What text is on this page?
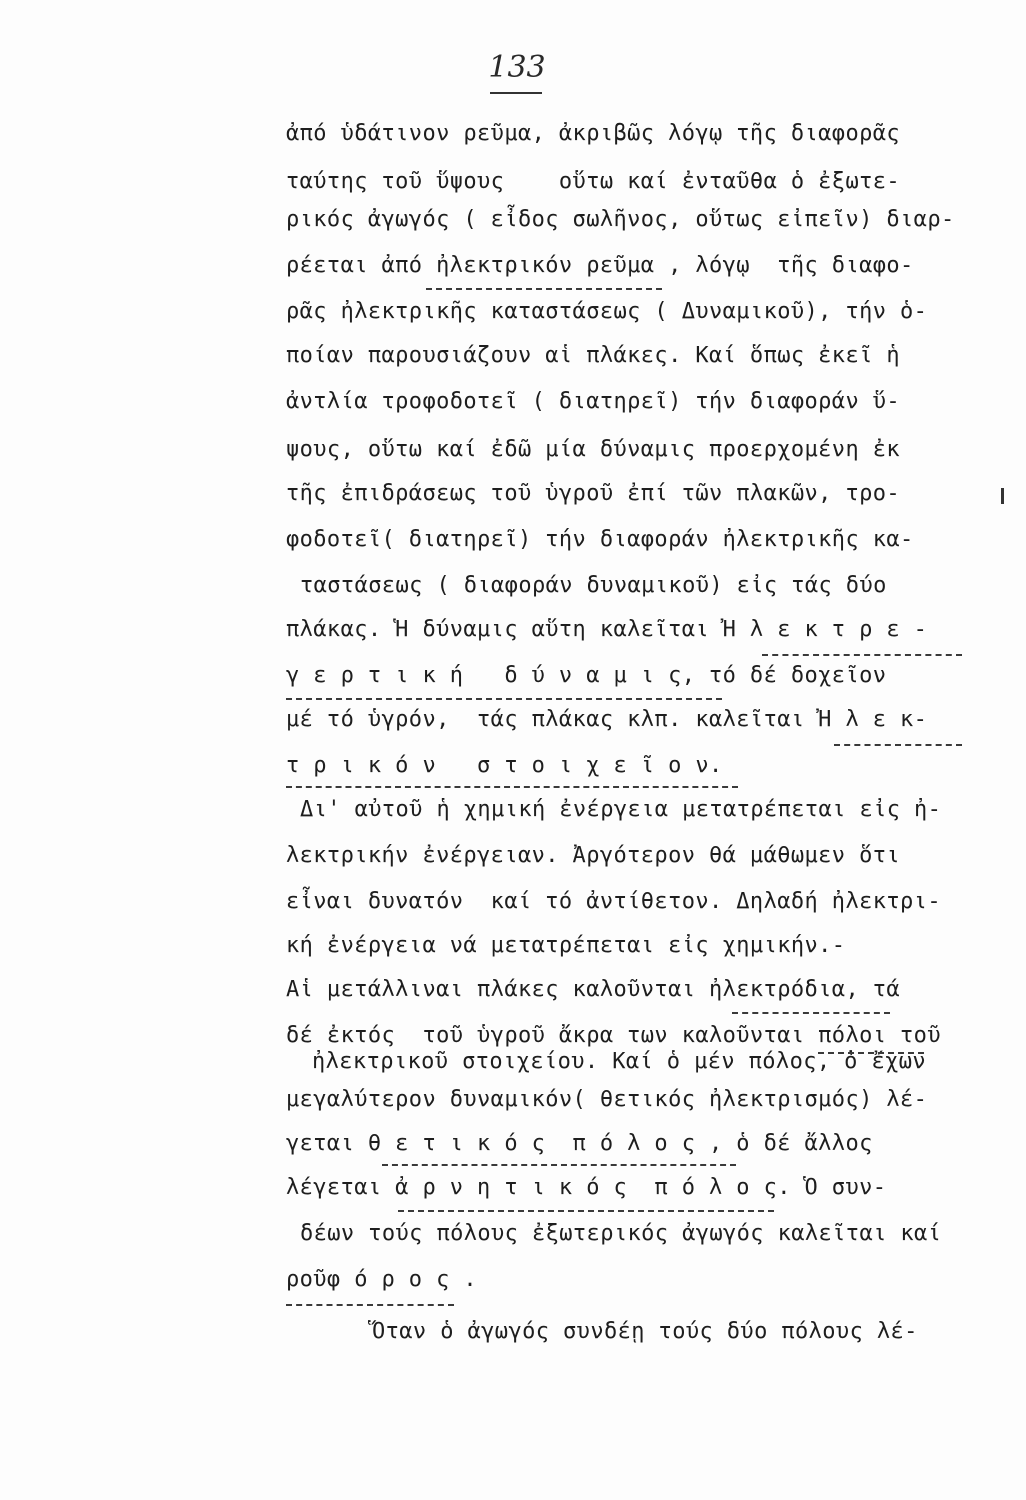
133
ἀπό ὑδάτινον ρεῦμα, ἀκριβῶς λόγῳ τῆς διαφορᾶς
ταύτης τοῦ ὕψους    οὕτω καί ἐνταῦθα ὁ ἐξωτε-
ρικός ἀγωγός ( εἶδος σωλῆνος, οὕτως εἰπεῖν) διαρ-
ρέεται ἀπό ἠλεκτρικόν ρεῦμα , λόγῳ  τῆς διαφο-
ρᾶς ἠλεκτρικῆς καταστάσεως ( Δυναμικοῦ), τήν ὁ-
ποίαν παρουσιάζουν αἱ πλάκες. Καί ὅπως ἐκεῖ ἡ
ἀντλία τροφοδοτεῖ ( διατηρεῖ) τήν διαφοράν ὕ-
ψους, οὕτω καί ἐδῶ μία δύναμις προερχομένη ἐκ
τῆς ἐπιδράσεως τοῦ ὑγροῦ ἐπί τῶν πλακῶν, τρο-
φοδοτεῖ( διατηρεῖ) τήν διαφοράν ἠλεκτρικῆς κα-
ταστάσεως ( διαφοράν δυναμικοῦ) εἰς τάς δύο
πλάκας. Ἡ δύναμις αὕτη καλεῖται Ἠ λ ε κ τ ρ ε -
γ ε ρ τ ι κ ή   δ ύ ν α μ ι ς, τό δέ δοχεῖον
μέ τό ὑγρόν,  τάς πλάκας κλπ. καλεῖται Ἠ λ ε κ-
τ ρ ι κ ό ν   σ τ ο ι χ ε ῖ ο ν.
Δι' αὐτοῦ ἡ χημική ἐνέργεια μετατρέπεται εἰς ἠ-
λεκτρικήν ἐνέργειαν. Ἀργότερον θά μάθωμεν ὅτι
εἶναι δυνατόν  καί τό ἀντίθετον. Δηλαδή ἠλεκτρι-
κή ἐνέργεια νά μετατρέπεται εἰς χημικήν.-
Αἱ μετάλλιναι πλάκες καλοῦνται ἠλεκτρόδια, τά
δέ ἐκτός  τοῦ ὑγροῦ ἄκρα των καλοῦνται πόλοι τοῦ
ἠλεκτρικοῦ στοιχείου. Καί ὁ μέν πόλος, ὁ ἔχων
μεγαλύτερον δυναμικόν( θετικός ἠλεκτρισμός) λέ-
γεται θ ε τ ι κ ό ς  π ό λ ο ς , ὁ δέ ἄλλος
λέγεται ἀ ρ ν η τ ι κ ό ς  π ό λ ο ς. Ὁ συν-
δέων τούς πόλους ἐξωτερικός ἀγωγός καλεῖται καί
ροῦφ ό ρ ο ς .
Ὅταν ὁ ἀγωγός συνδέῃ τούς δύο πόλους λέ-
